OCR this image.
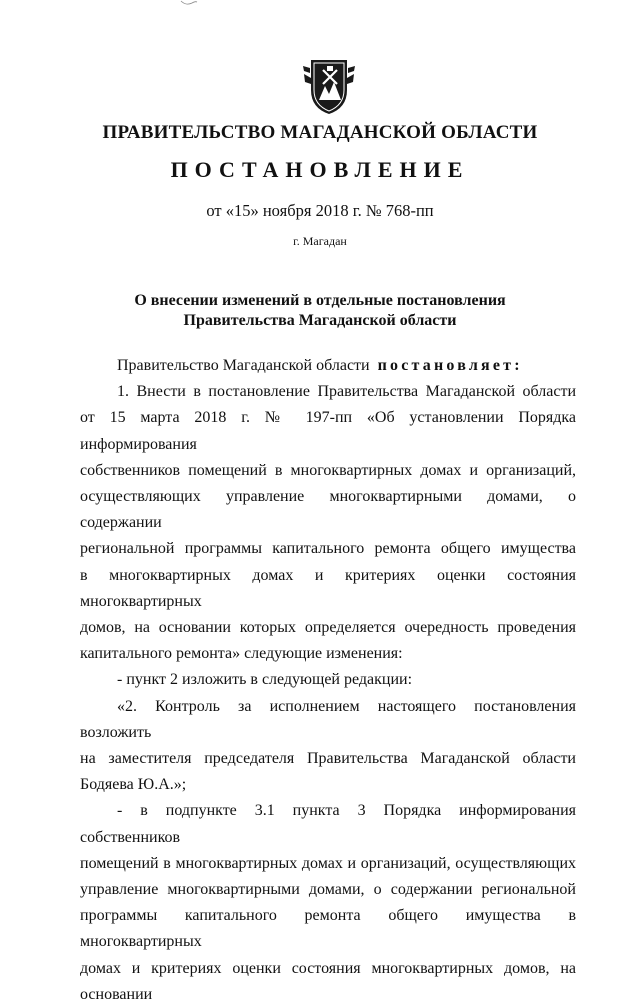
ПРАВИТЕЛЬСТВО МАГАДАНСКОЙ ОБЛАСТИ
ПОСТАНОВЛЕНИЕ
от «15» ноября 2018 г. № 768-пп
г. Магадан
О внесении изменений в отдельные постановления
Правительства Магаданской области

Правительство Магаданской области постановляет:

1. Внести в постановление Правительства Магаданской области

от 15 марта 2018 г. № 197-пп «Об установлении Порядка информирования

собственников помещений в многоквартирных домах и организаций,

осуществляющих управление многоквартирными домами, о содержании

региональной программы капитального ремонта общего имущества

в многоквартирных домах и критериях оценки состояния многоквартирных

домов, на основании которых определяется очередность проведения

капитального ремонта» следующие изменения:

- пункт 2 изложить в следующей редакции:

«2. Контроль за исполнением настоящего постановления возложить

на заместителя председателя Правительства Магаданской области

Бодяева Ю.А.»;

- в подпункте 3.1 пункта 3 Порядка информирования собственников

помещений в многоквартирных домах и организаций, осуществляющих

управление многоквартирными домами, о содержании региональной

программы капитального ремонта общего имущества в многоквартирных

домах и критериях оценки состояния многоквартирных домов, на основании
